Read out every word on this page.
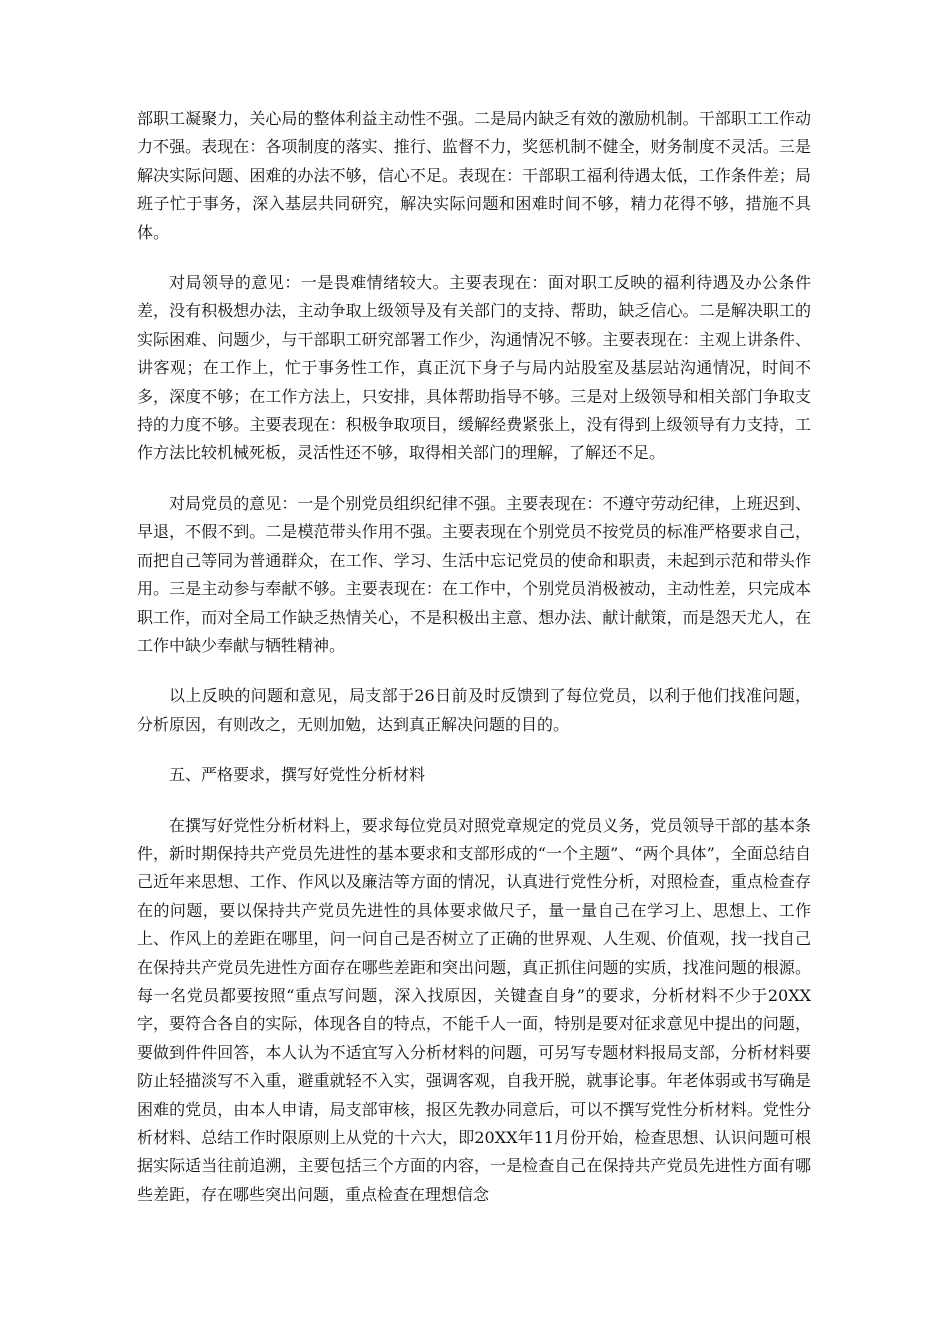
部职工凝聚力，关心局的整体利益主动性不强。二是局内缺乏有效的激励机制。干部职工工作动力不强。表现在：各项制度的落实、推行、监督不力，奖惩机制不健全，财务制度不灵活。三是解决实际问题、困难的办法不够，信心不足。表现在：干部职工福利待遇太低，工作条件差；局班子忙于事务，深入基层共同研究，解决实际问题和困难时间不够，精力花得不够，措施不具体。

对局领导的意见：一是畏难情绪较大。主要表现在：面对职工反映的福利待遇及办公条件差，没有积极想办法，主动争取上级领导及有关部门的支持、帮助，缺乏信心。二是解决职工的实际困难、问题少，与干部职工研究部署工作少，沟通情况不够。主要表现在：主观上讲条件、讲客观；在工作上，忙于事务性工作，真正沉下身子与局内站股室及基层站沟通情况，时间不多，深度不够；在工作方法上，只安排，具体帮助指导不够。三是对上级领导和相关部门争取支持的力度不够。主要表现在：积极争取项目，缓解经费紧张上，没有得到上级领导有力支持，工作方法比较机械死板，灵活性还不够，取得相关部门的理解，了解还不足。

对局党员的意见：一是个别党员组织纪律不强。主要表现在：不遵守劳动纪律，上班迟到、早退，不假不到。二是模范带头作用不强。主要表现在个别党员不按党员的标准严格要求自己，而把自己等同为普通群众，在工作、学习、生活中忘记党员的使命和职责，未起到示范和带头作用。三是主动参与奉献不够。主要表现在：在工作中，个别党员消极被动，主动性差，只完成本职工作，而对全局工作缺乏热情关心，不是积极出主意、想办法、献计献策，而是怨天尤人，在工作中缺少奉献与牺牲精神。

以上反映的问题和意见，局支部于26日前及时反馈到了每位党员，以利于他们找准问题，分析原因，有则改之，无则加勉，达到真正解决问题的目的。

五、严格要求，撰写好党性分析材料

在撰写好党性分析材料上，要求每位党员对照党章规定的党员义务，党员领导干部的基本条件，新时期保持共产党员先进性的基本要求和支部形成的“一个主题”、“两个具体”，全面总结自己近年来思想、工作、作风以及廉洁等方面的情况，认真进行党性分析，对照检查，重点检查存在的问题，要以保持共产党员先进性的具体要求做尺子，量一量自己在学习上、思想上、工作上、作风上的差距在哪里，问一问自己是否树立了正确的世界观、人生观、价值观，找一找自己在保持共产党员先进性方面存在哪些差距和突出问题，真正抓住问题的实质，找准问题的根源。每一名党员都要按照“重点写问题，深入找原因，关键查自身”的要求，分析材料不少于20XX字，要符合各自的实际，体现各自的特点，不能千人一面，特别是要对征求意见中提出的问题，要做到件件回答，本人认为不适宜写入分析材料的问题，可另写专题材料报局支部，分析材料要防止轻描淡写不入重，避重就轻不入实，强调客观，自我开脱，就事论事。年老体弱或书写确是困难的党员，由本人申请，局支部审核，报区先教办同意后，可以不撰写党性分析材料。党性分析材料、总结工作时限原则上从党的十六大，即20XX年11月份开始，检查思想、认识问题可根据实际适当往前追溯，主要包括三个方面的内容，一是检查自己在保持共产党员先进性方面有哪些差距，存在哪些突出问题，重点检查在理想信念
